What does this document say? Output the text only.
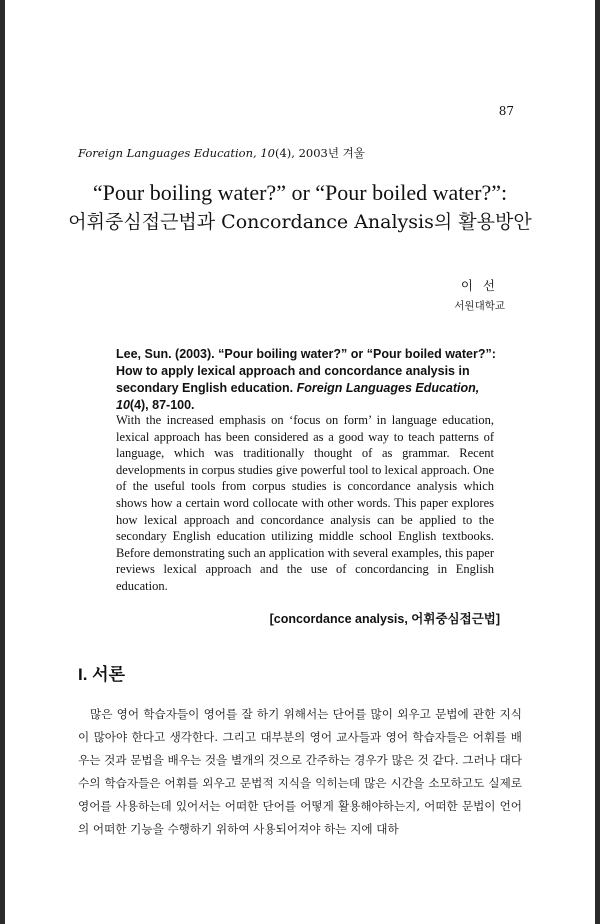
87
Foreign Languages Education, 10(4), 2003년 겨울
“Pour boiling water?” or “Pour boiled water?”:
어휘중심접근법과 Concordance Analysis의 활용방안
이선
서원대학교
Lee, Sun. (2003). “Pour boiling water?” or “Pour boiled water?”: How to apply lexical approach and concordance analysis in secondary English education. Foreign Languages Education, 10(4), 87-100.
With the increased emphasis on ‘focus on form’ in language education, lexical approach has been considered as a good way to teach patterns of language, which was traditionally thought of as grammar. Recent developments in corpus studies give powerful tool to lexical approach. One of the useful tools from corpus studies is concordance analysis which shows how a certain word collocate with other words. This paper explores how lexical approach and concordance analysis can be applied to the secondary English education utilizing middle school English textbooks. Before demonstrating such an application with several examples, this paper reviews lexical approach and the use of concordancing in English education.
[concordance analysis, 어휘중심접근법]
I. 서론
많은 영어 학습자들이 영어를 잘 하기 위해서는 단어를 많이 외우고 문법에 관한 지식이 많아야 한다고 생각한다. 그리고 대부분의 영어 교사들과 영어 학습자들은 어휘를 배우는 것과 문법을 배우는 것을 별개의 것으로 간주하는 경우가 많은 것 같다. 그러나 대다수의 학습자들은 어휘를 외우고 문법적 지식을 익히는데 많은 시간을 소모하고도 실제로 영어를 사용하는데 있어서는 어떠한 단어를 어떻게 활용해야하는지, 어떠한 문법이 언어의 어떠한 기능을 수행하기 위하여 사용되어져야 하는 지에 대하
